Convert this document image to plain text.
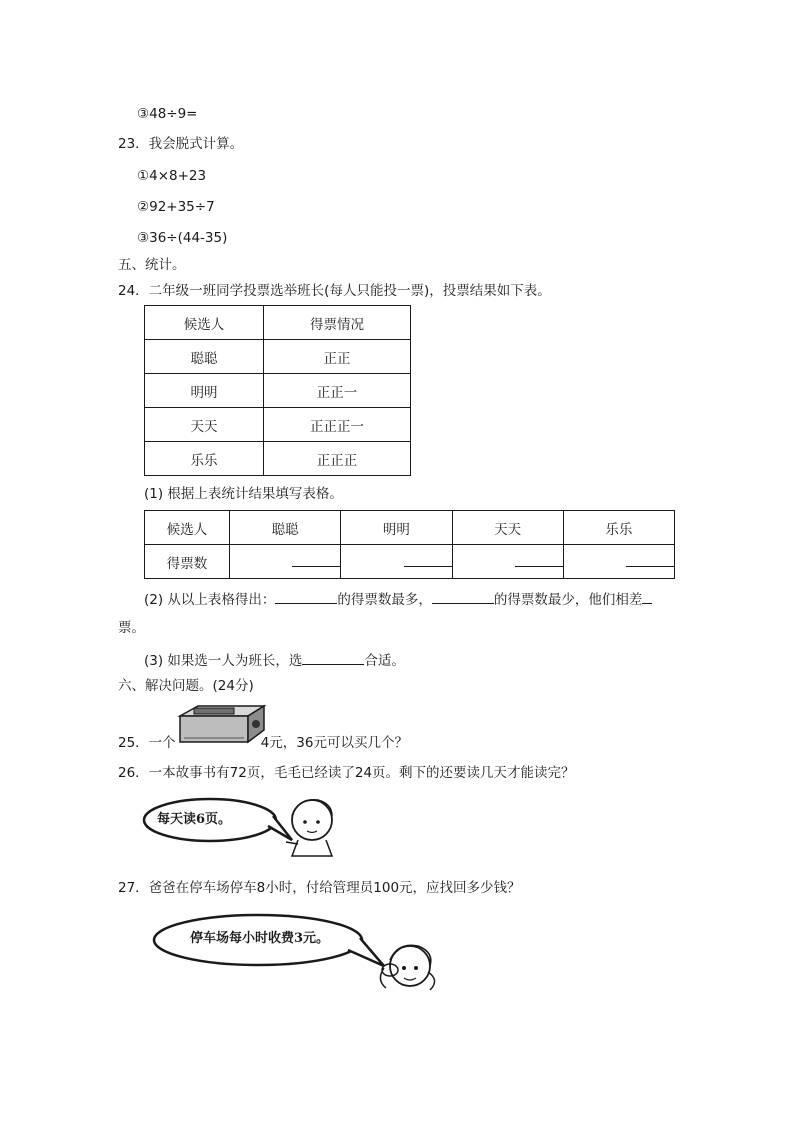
③48÷9=
23．我会脱式计算。
①4×8+23
②92+35÷7
③36÷(44-35)
五、统计。
24．二年级一班同学投票选举班长(每人只能投一票)，投票结果如下表。
候选人	得票情况
聪聪	正正
明明	正正一
天天	正正正一
乐乐	正正正
(1) 根据上表统计结果填写表格。
候选人	聪聪	明明	天天	乐乐
得票数				
(2) 从以上表格得出：	的得票数最多，	的得票数最少，他们相差
票。
(3) 如果选一人为班长，选	合适。
六、解决问题。(24分)
25．一个	4元，36元可以买几个？
26．一本故事书有72页，毛毛已经读了24页。剩下的还要读几天才能读完？
每天读6页。
27．爸爸在停车场停车8小时，付给管理员100元，应找回多少钱？
停车场每小时收费3元。
